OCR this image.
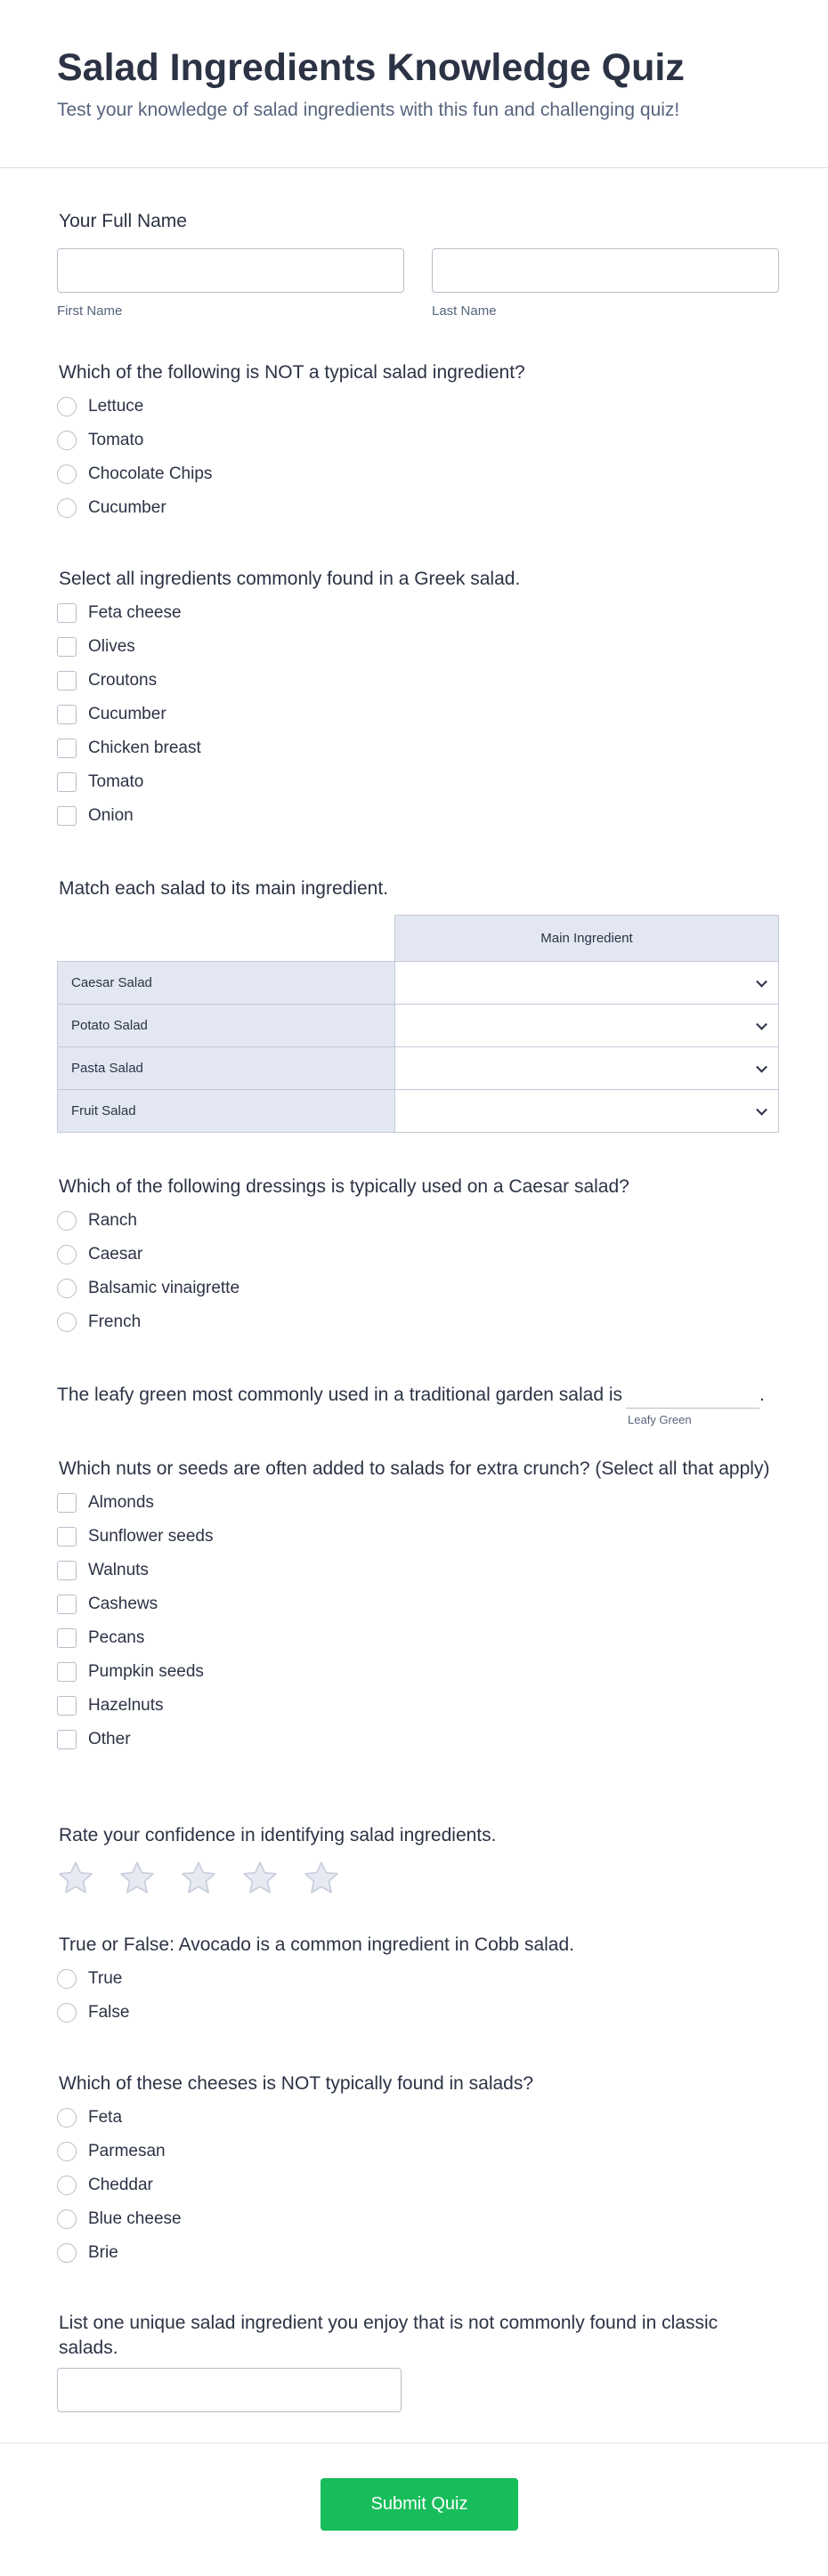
Salad Ingredients Knowledge Quiz
Test your knowledge of salad ingredients with this fun and challenging quiz!
Your Full Name
First Name	Last Name
Which of the following is NOT a typical salad ingredient?
Lettuce
Tomato
Chocolate Chips
Cucumber
Select all ingredients commonly found in a Greek salad.
Feta cheese
Olives
Croutons
Cucumber
Chicken breast
Tomato
Onion
Match each salad to its main ingredient.
	Main Ingredient
Caesar Salad	

Potato Salad	

Pasta Salad	

Fruit Salad	
Which of the following dressings is typically used on a Caesar salad?
Ranch
Caesar
Balsamic vinaigrette
French
The leafy green most commonly used in a traditional garden salad is
Leafy Green
.
Which nuts or seeds are often added to salads for extra crunch? (Select all that apply)
Almonds
Sunflower seeds
Walnuts
Cashews
Pecans
Pumpkin seeds
Hazelnuts
Other
Rate your confidence in identifying salad ingredients.
True or False: Avocado is a common ingredient in Cobb salad.
True
False
Which of these cheeses is NOT typically found in salads?
Feta
Parmesan
Cheddar
Blue cheese
Brie
List one unique salad ingredient you enjoy that is not commonly found in classic salads.
Submit Quiz
